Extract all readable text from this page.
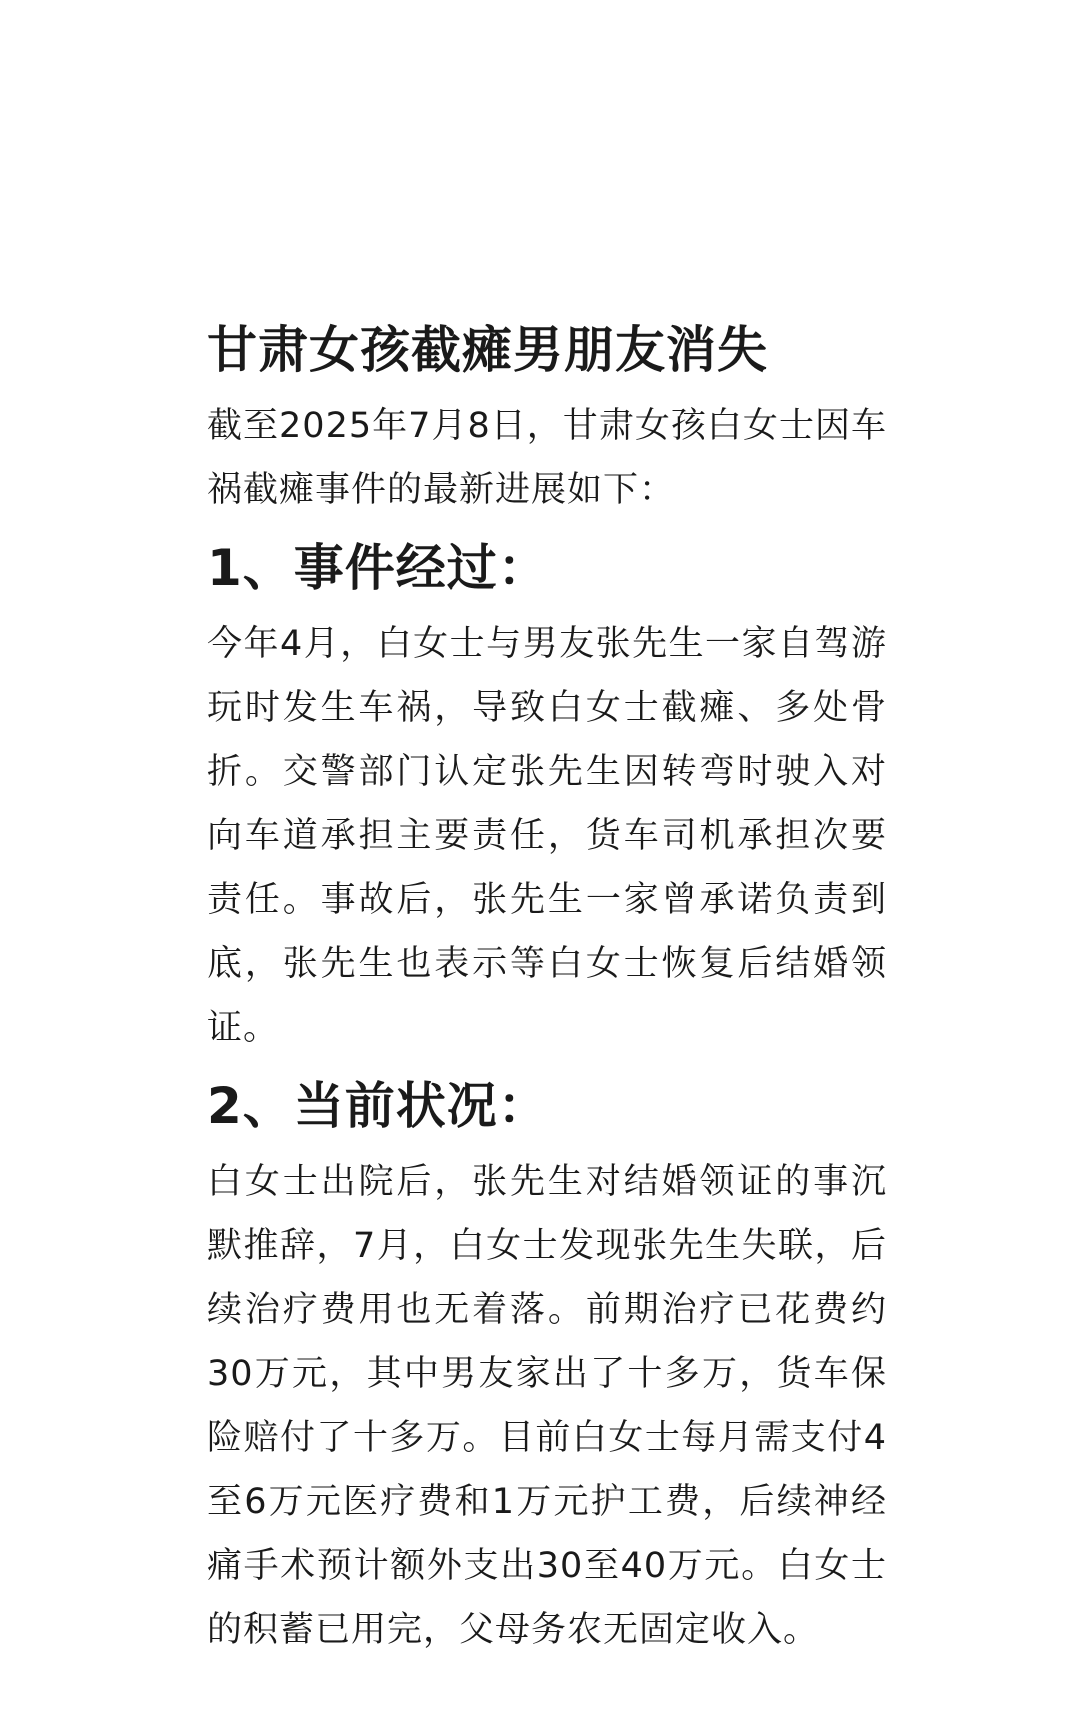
甘肃女孩截瘫男朋友消失

截至2025年7月8日，甘肃女孩白女士因车祸截瘫事件的最新进展如下：

1、事件经过：

今年4月，白女士与男友张先生一家自驾游玩时发生车祸，导致白女士截瘫、多处骨折。交警部门认定张先生因转弯时驶入对向车道承担主要责任，货车司机承担次要责任。事故后，张先生一家曾承诺负责到底，张先生也表示等白女士恢复后结婚领证。

2、当前状况：

白女士出院后，张先生对结婚领证的事沉默推辞，7月，白女士发现张先生失联，后续治疗费用也无着落。前期治疗已花费约30万元，其中男友家出了十多万，货车保险赔付了十多万。目前白女士每月需支付4至6万元医疗费和1万元护工费，后续神经痛手术预计额外支出30至40万元。白女士的积蓄已用完，父母务农无固定收入。
